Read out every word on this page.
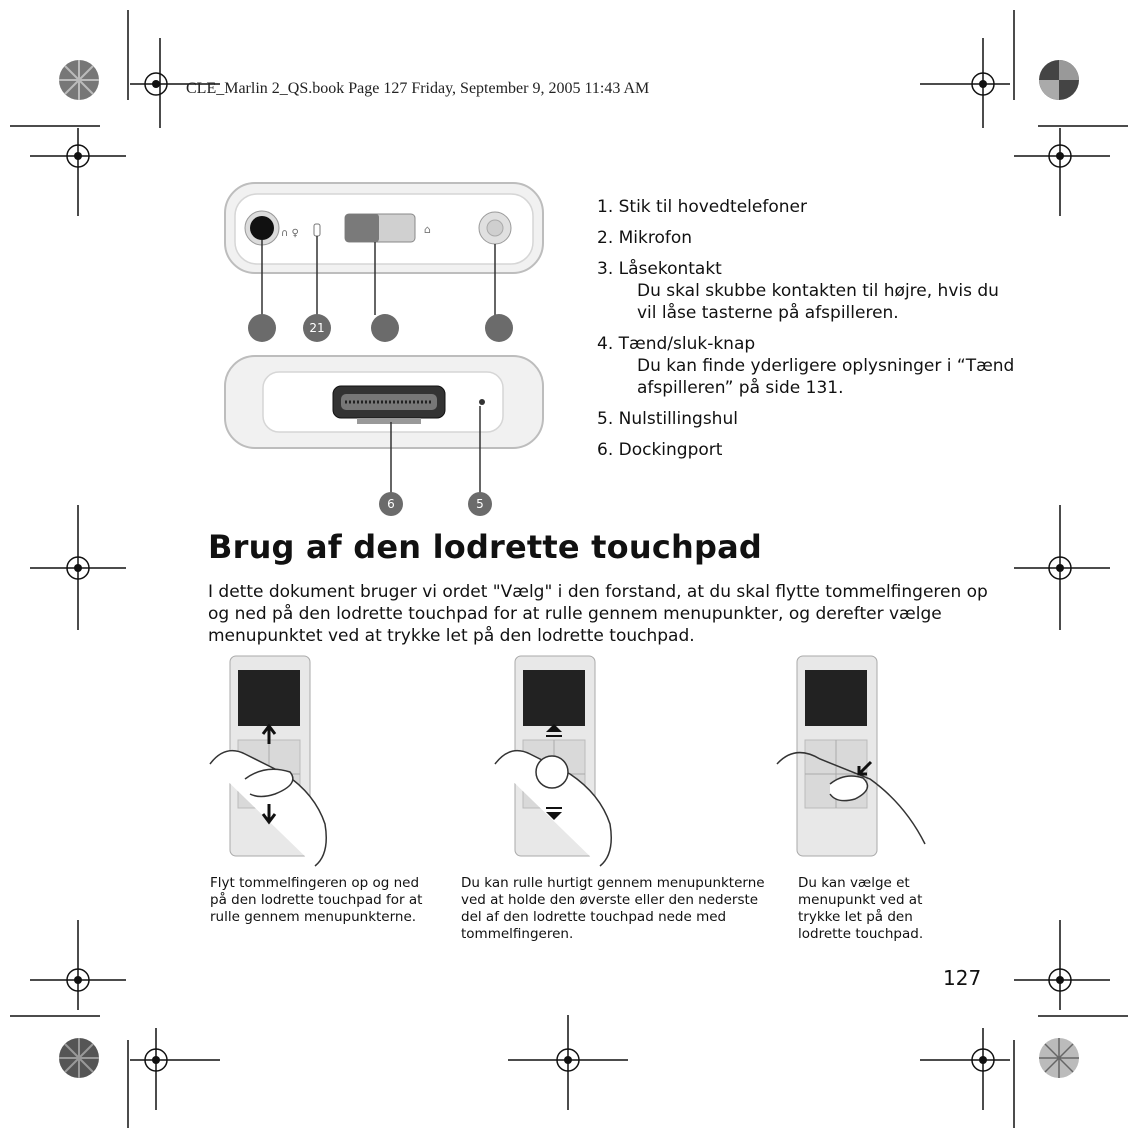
CLE_Marlin 2_QS.book Page 127 Friday, September 9, 2005 11:43 AM
∩ ♀	⌂
21
6	5
1. Stik til hovedtelefoner
2. Mikrofon
3. Låsekontakt
Du skal skubbe kontakten til højre, hvis du vil låse tasterne på afspilleren.
4. Tænd/sluk-knap
Du kan finde yderligere oplysninger i “Tænd afspilleren” på side 131.
5. Nulstillingshul
6. Dockingport
Brug af den lodrette touchpad

I dette dokument bruger vi ordet "Vælg" i den forstand, at du skal flytte tommelfingeren op og ned på den lodrette touchpad for at rulle gennem menupunkter, og derefter vælge menupunktet ved at trykke let på den lodrette touchpad.

Flyt tommelfingeren op og ned på den lodrette touchpad for at rulle gennem menupunkterne.
Du kan rulle hurtigt gennem menupunkterne ved at holde den øverste eller den nederste del af den lodrette touchpad nede med tommelfingeren.
Du kan vælge et menupunkt ved at trykke let på den lodrette touchpad.
127
